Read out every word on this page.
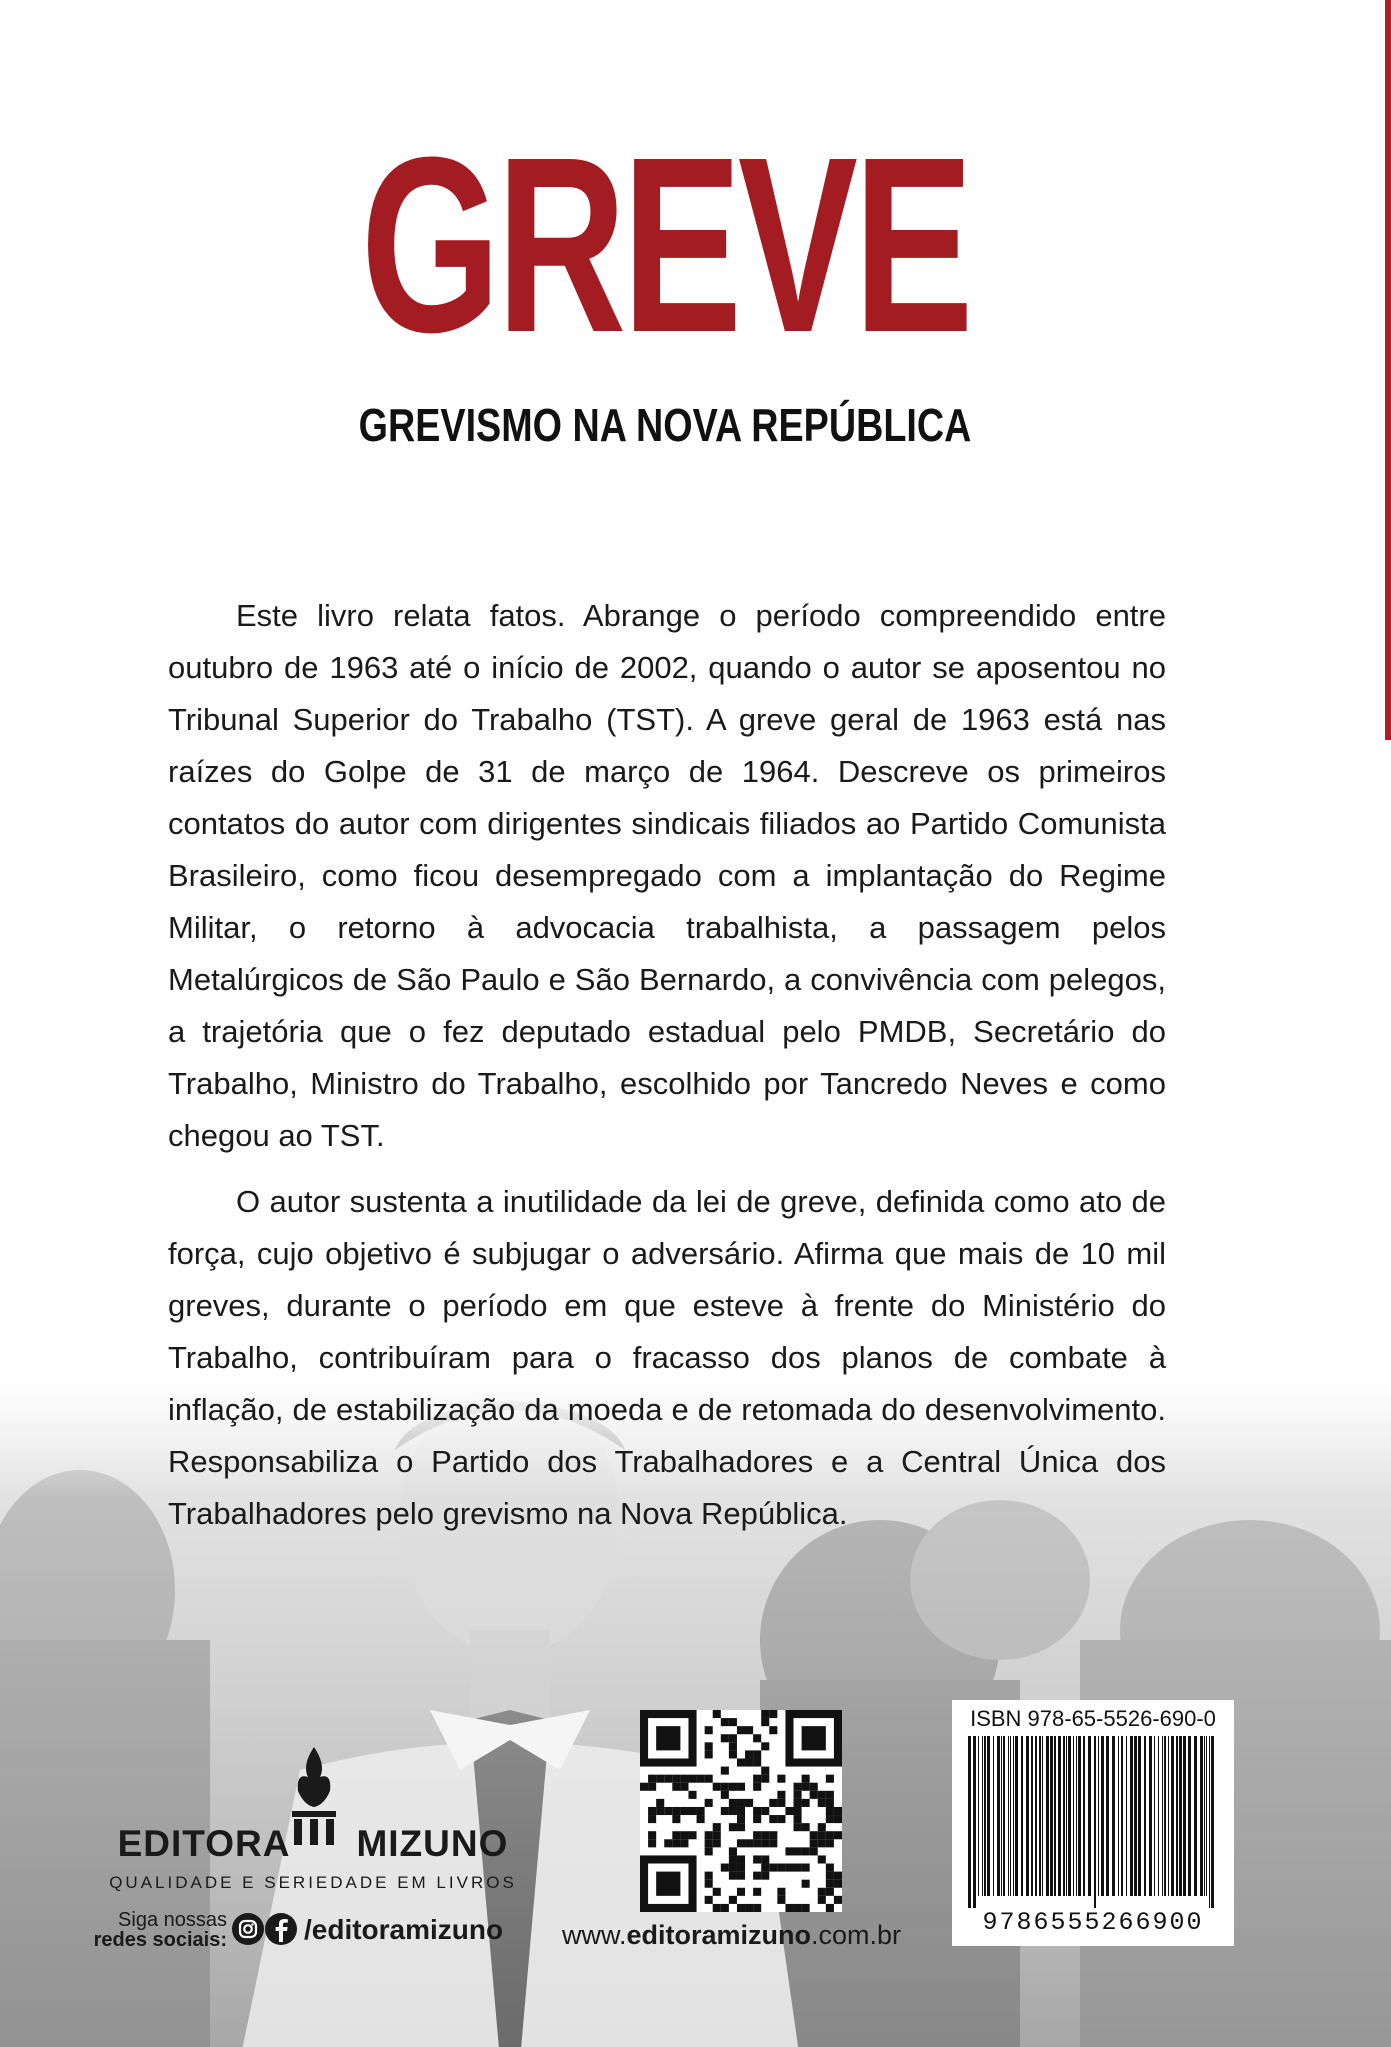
GREVE
GREVISMO NA NOVA REPÚBLICA

Este livro relata fatos. Abrange o período compreendido entre outubro de 1963 até o início de 2002, quando o autor se aposentou no Tribunal Superior do Trabalho (TST). A greve geral de 1963 está nas raízes do Golpe de 31 de março de 1964. Descreve os primeiros contatos do autor com dirigentes sindicais filiados ao Partido Comunista Brasileiro, como ficou desempregado com a implantação do Regime Militar, o retorno à advocacia trabalhista, a passagem pelos Metalúrgicos de São Paulo e São Bernardo, a convivência com pelegos, a trajetória que o fez deputado estadual pelo PMDB, Secretário do Trabalho, Ministro do Trabalho, escolhido por Tancredo Neves e como chegou ao TST.

O autor sustenta a inutilidade da lei de greve, definida como ato de força, cujo objetivo é subjugar o adversário. Afirma que mais de 10 mil greves, durante o período em que esteve à frente do Ministério do Trabalho, contribuíram para o fracasso dos planos de combate à inflação, de estabilização da moeda e de retomada do desenvolvimento. Responsabiliza o Partido dos Trabalhadores e a Central Única dos Trabalhadores pelo grevismo na Nova República.

EDITORA MIZUNO
QUALIDADE E SERIEDADE EM LIVROS
Siga nossas
redes sociais:	/editoramizuno www.editoramizuno.com.br
ISBN 978-65-5526-690-0
9786555266900
